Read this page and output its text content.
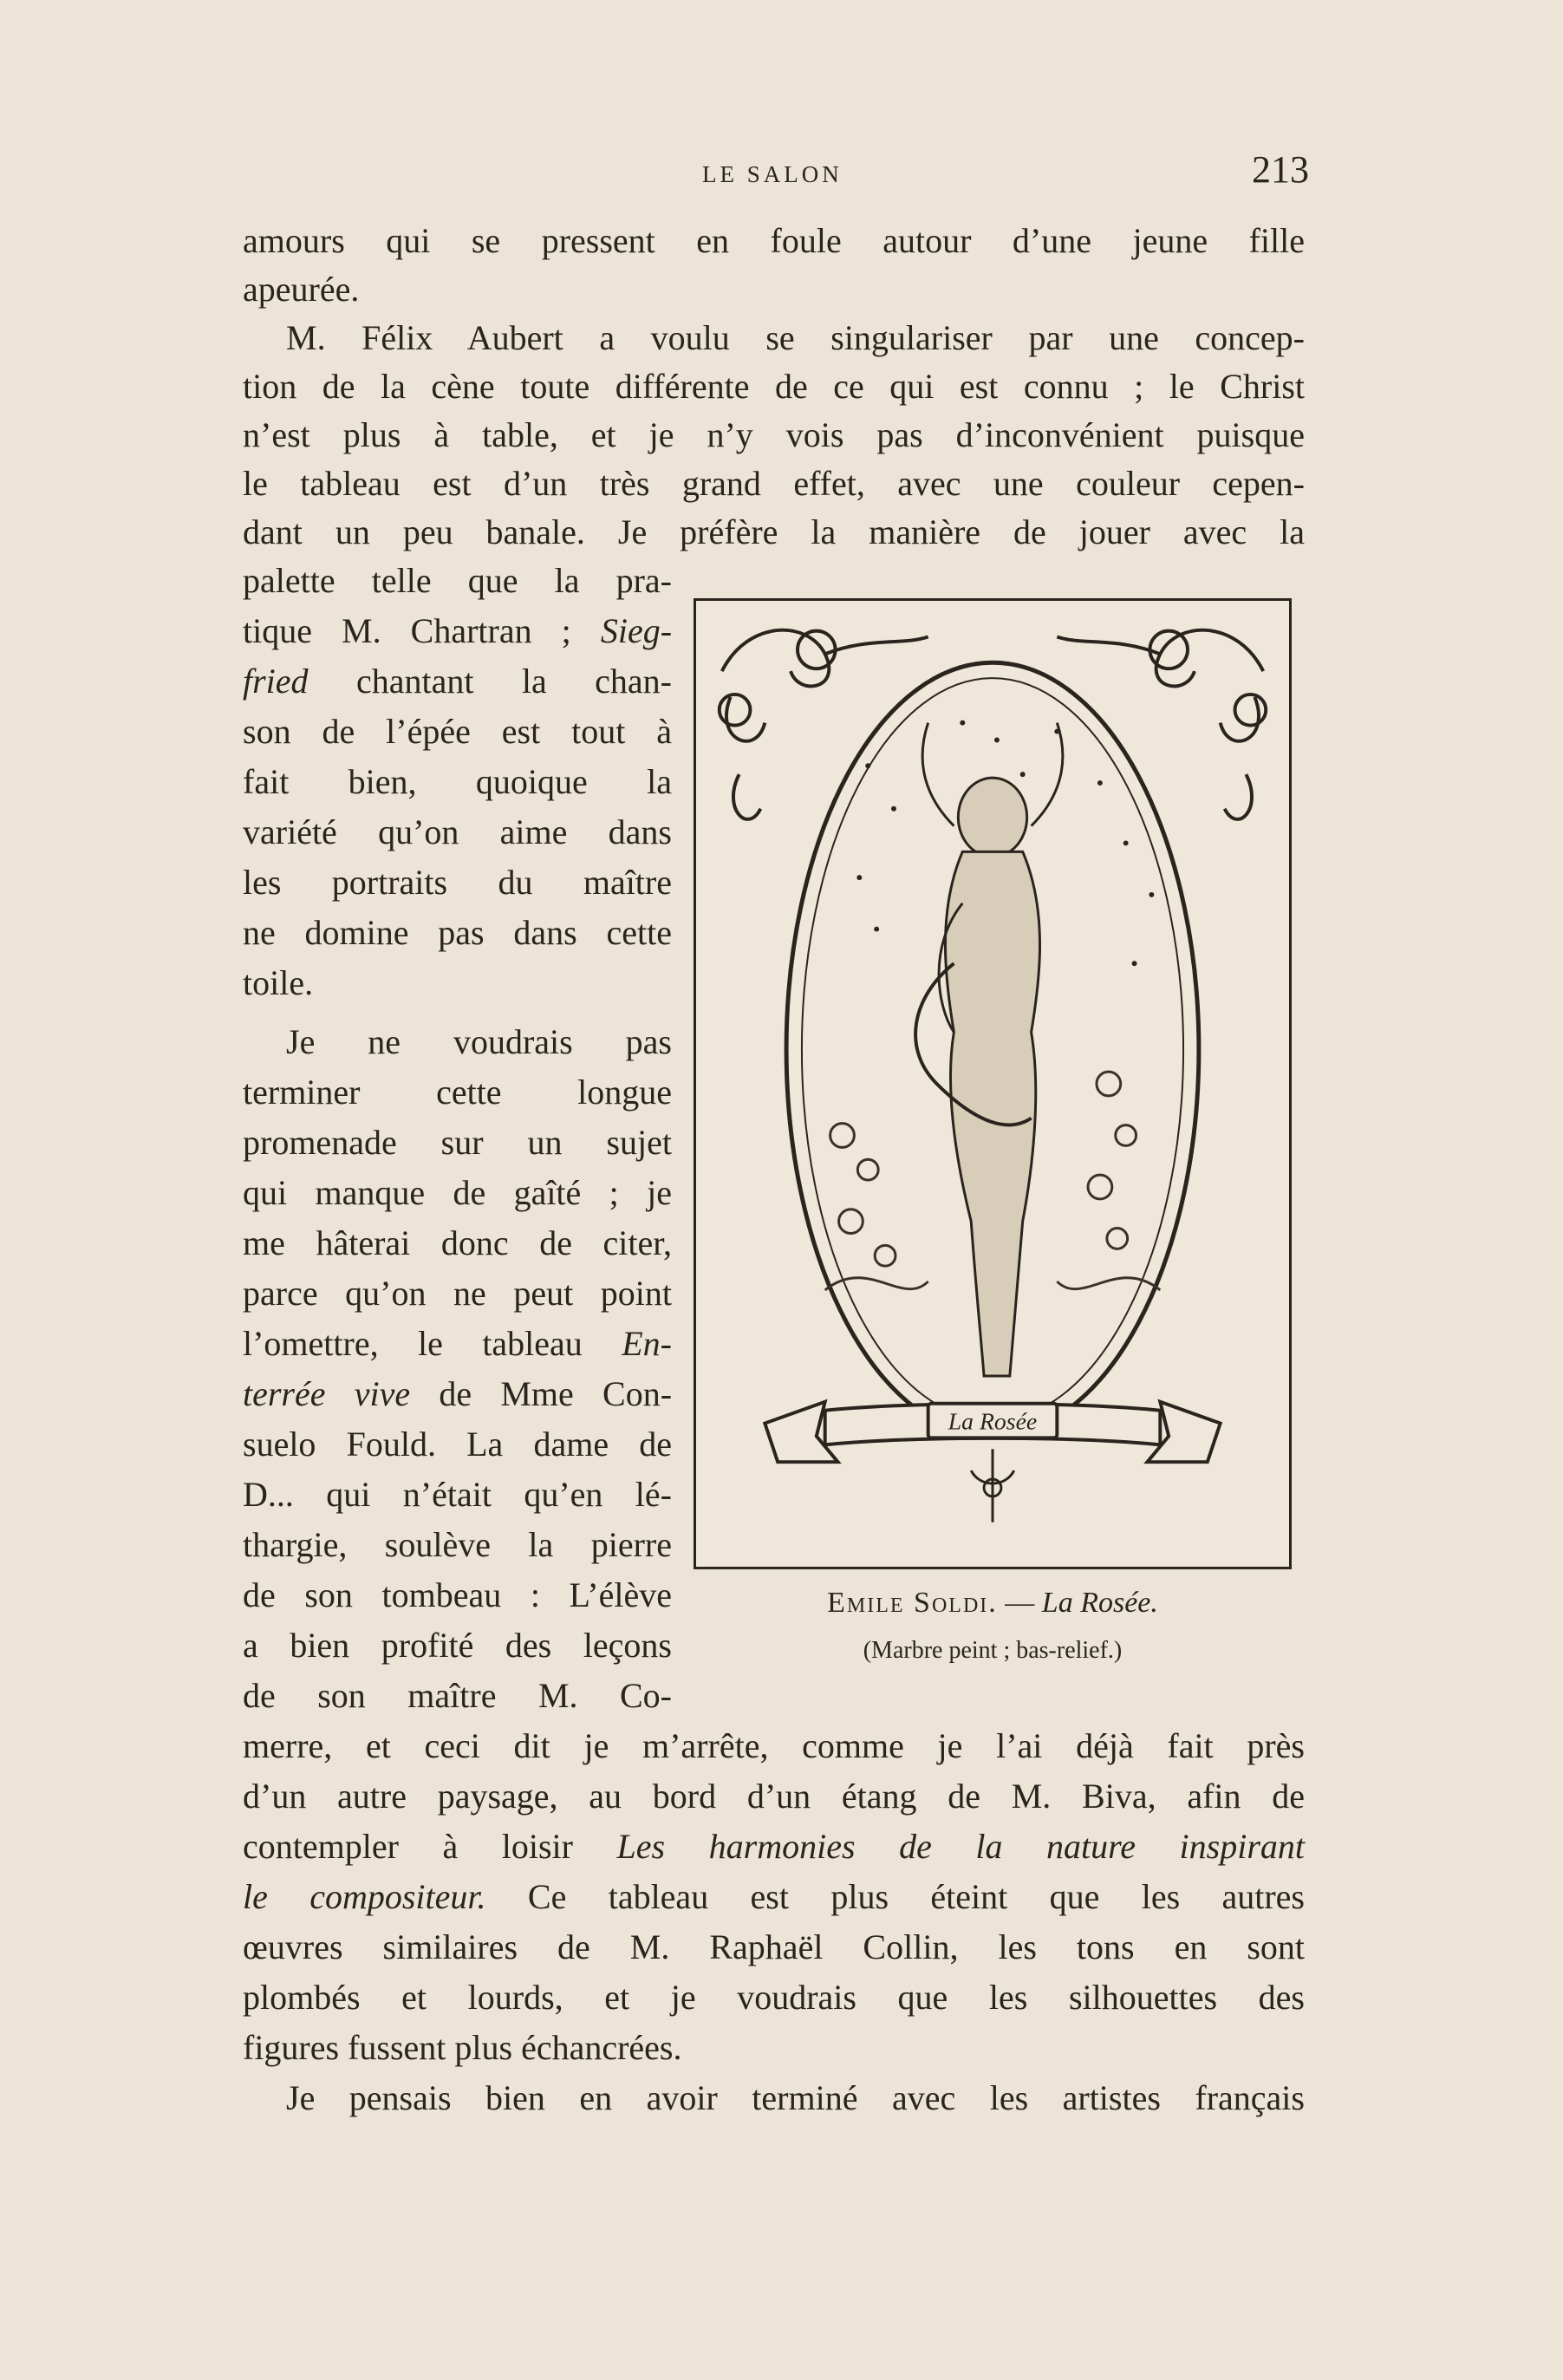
LE SALON	213
amours qui se pressent en foule autour d’une jeune fille
apeurée.
M. Félix Aubert a voulu se singulariser par une concep-
tion de la cène toute différente de ce qui est connu ; le Christ
n’est plus à table, et je n’y vois pas d’inconvénient puisque
le tableau est d’un très grand effet, avec une couleur cepen-
dant un peu banale. Je préfère la manière de jouer avec la
palette telle que la pra-
tique M. Chartran ; Sieg-
fried chantant la chan-
son de l’épée est tout à
fait bien, quoique la
variété qu’on aime dans
les portraits du maître
ne domine pas dans cette
toile.
Je ne voudrais pas
terminer cette longue
promenade sur un sujet
qui manque de gaîté ; je
me hâterai donc de citer,
parce qu’on ne peut point
l’omettre, le tableau En-
terrée vive de Mme Con-
suelo Fould. La dame de
D... qui n’était qu’en lé-
thargie, soulève la pierre
de son tombeau : L’élève
a bien profité des leçons
de son maître M. Co-
merre, et ceci dit je m’arrête, comme je l’ai déjà fait près
d’un autre paysage, au bord d’un étang de M. Biva, afin de
contempler à loisir Les harmonies de la nature inspirant
le compositeur. Ce tableau est plus éteint que les autres
œuvres similaires de M. Raphaël Collin, les tons en sont
plombés et lourds, et je voudrais que les silhouettes des
figures fussent plus échancrées.
Je pensais bien en avoir terminé avec les artistes français
La Rosée
Emile Soldi. — La Rosée.
(Marbre peint ; bas-relief.)
